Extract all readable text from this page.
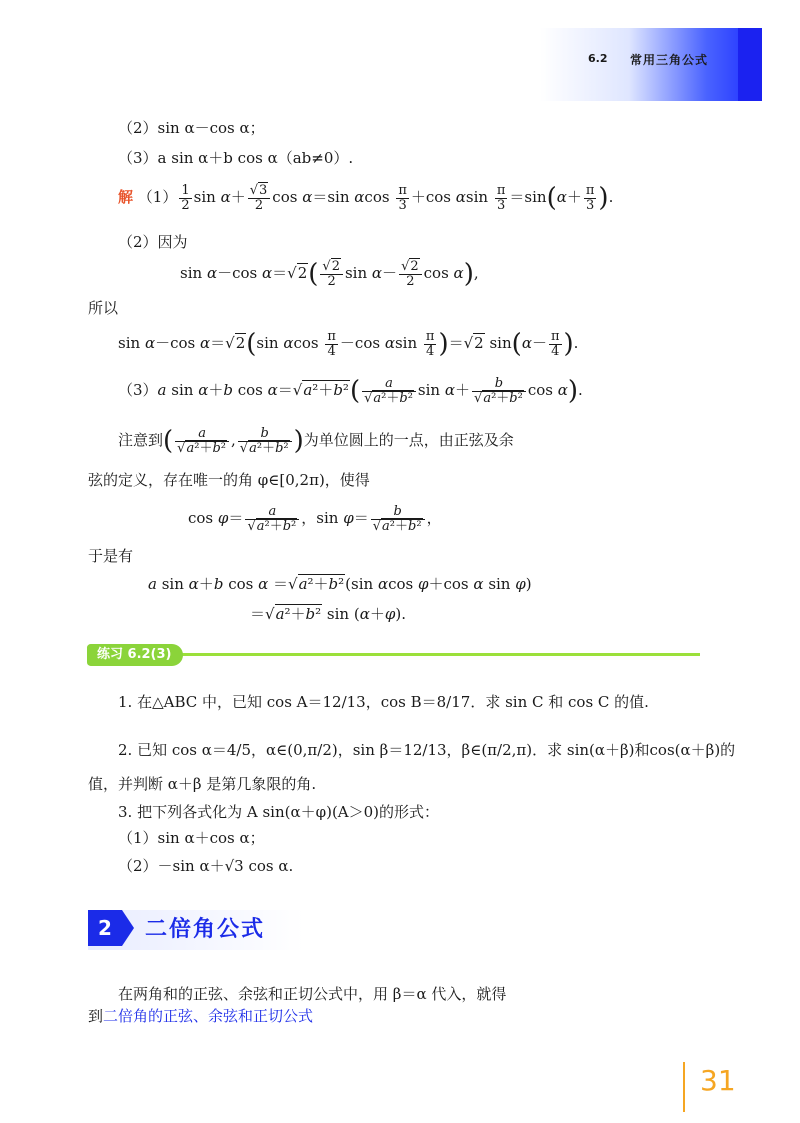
6.2 常用三角公式
（2）sin α－cos α；
（3）a sin α＋b cos α（ab≠0）.
解 $(1) \frac{1}{2}$ $\sin \alpha+ \frac{√3}{2}$ cos α＝sin αcos $\frac{\pi}{3} +\cos$ αsin $\frac{\pi}{3} =\sin(\alpha+ \frac{\pi}{3}$ ).
（2）因为
sin α－cos $\alpha=√2( \frac{√2}{2}$ $\sin \alpha- \frac{√2}{2}$ cos α),
所以
sin α－cos α＝√2(sin αcos $\frac{\pi}{4} -\cos$ αsin $\frac{\pi}{4} )=√2$ $\sin(\alpha- \frac{\pi}{4}$ ).
（3）a sin α＋b $\cos \alpha=√a^2+b^2( \frac{a}{\text{√a²＋b²}}$ $\sin \alpha+ \frac{b}{\text{√a²＋b²}}$ cos α).
注意到( $\frac{a}{\text{√a²＋b²}}$ , $\frac{b}{\text{√a²＋b²}}$ )为单位圆上的一点，由正弦及余
弦的定义，存在唯一的角 φ∈[0,2π)，使得
$\cos \varphi= \frac{a}{\text{√a²＋b²}}$ ，$\sin \varphi= \frac{b}{\text{√a²＋b²}}$ ，
于是有
a sin α＋b cos α ＝√a²＋b²(sin αcos φ＋cos α sin φ)
＝√a²＋b² sin (α＋φ).
练习 6.2(3)
1. 在△ABC 中，已知 cos A＝12/13，cos B＝8/17．求 sin C 和 cos C 的值.
2. 已知 cos α＝4/5，α∈(0,π/2)，sin β＝12/13，β∈(π/2,π)．求 sin(α＋β)和cos(α＋β)的
值，并判断 α＋β 是第几象限的角.
3. 把下列各式化为 A sin(α＋φ)(A＞0)的形式：
（1）sin α＋cos α；
（2）－sin α＋√3 cos α.
2	二倍角公式
在两角和的正弦、余弦和正切公式中，用 β＝α 代入，就得
到二倍角的正弦、余弦和正切公式
31
